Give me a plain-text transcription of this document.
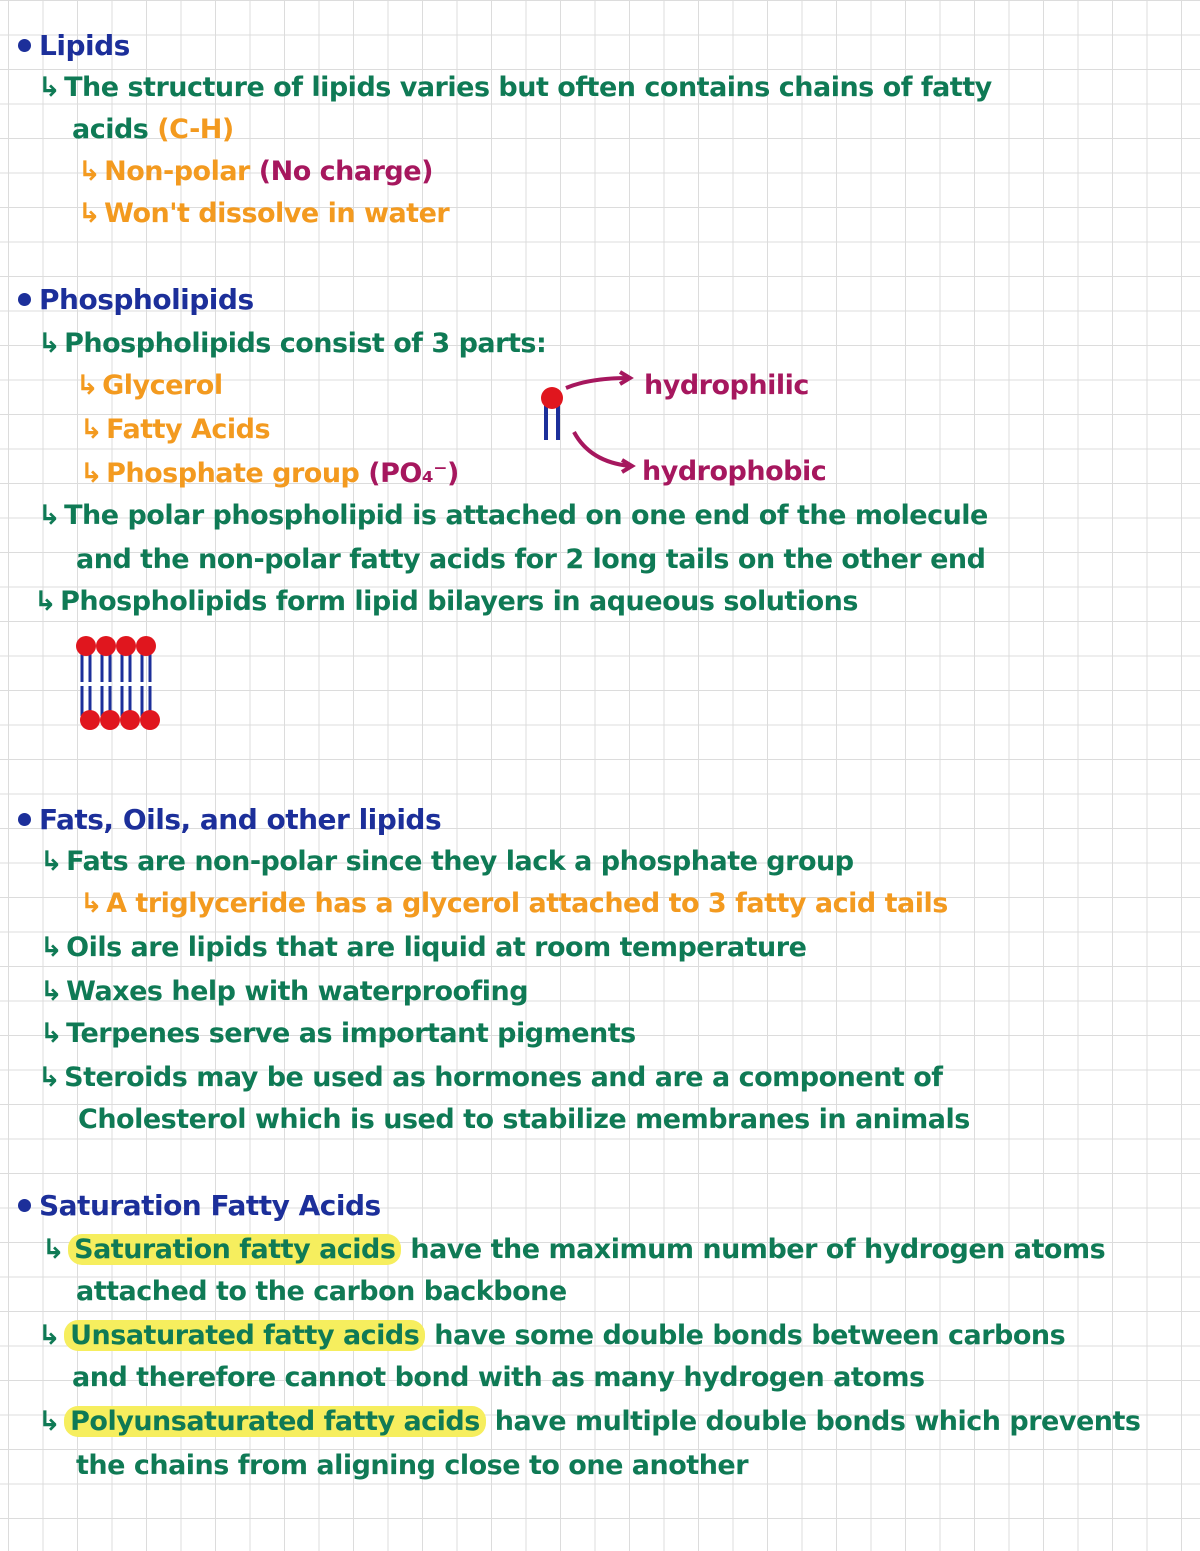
Lipids
↳ The structure of lipids varies but often contains chains of fatty
acids (C-H)
↳ Non-polar (No charge)
↳ Won't dissolve in water
Phospholipids
↳ Phospholipids consist of 3 parts:
↳ Glycerol
↳ Fatty Acids
↳ Phosphate group (PO₄⁻)
hydrophilic
hydrophobic
↳ The polar phospholipid is attached on one end of the molecule
and the non-polar fatty acids for 2 long tails on the other end
↳ Phospholipids form lipid bilayers in aqueous solutions
Fats, Oils, and other lipids
↳ Fats are non-polar since they lack a phosphate group
↳ A triglyceride has a glycerol attached to 3 fatty acid tails
↳ Oils are lipids that are liquid at room temperature
↳ Waxes help with waterproofing
↳ Terpenes serve as important pigments
↳ Steroids may be used as hormones and are a component of
Cholesterol which is used to stabilize membranes in animals
Saturation Fatty Acids
↳ Saturation fatty acids have the maximum number of hydrogen atoms
attached to the carbon backbone
↳ Unsaturated fatty acids have some double bonds between carbons
and therefore cannot bond with as many hydrogen atoms
↳ Polyunsaturated fatty acids have multiple double bonds which prevents
the chains from aligning close to one another
